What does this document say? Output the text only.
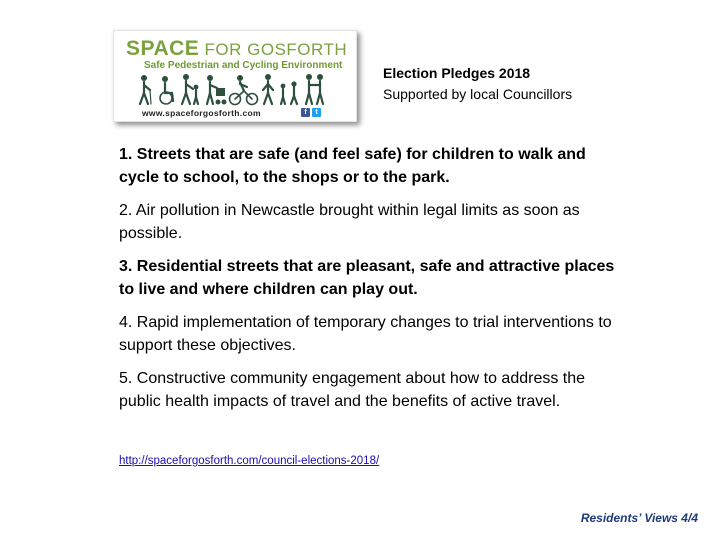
SPACE FOR GOSFORTH
Safe Pedestrian and Cycling Environment
www.spaceforgosforth.com	f	t
Election Pledges 2018
Supported by local Councillors

1. Streets that are safe (and feel safe) for children to walk and cycle to school, to the shops or to the park.

2. Air pollution in Newcastle brought within legal limits as soon as possible.

3. Residential streets that are pleasant, safe and attractive places to live and where children can play out.

4. Rapid implementation of temporary changes to trial interventions to support these objectives.

5. Constructive community engagement about how to address the public health impacts of travel and the benefits of active travel.

http://spaceforgosforth.com/council-elections-2018/
Residents’ Views 4/4
